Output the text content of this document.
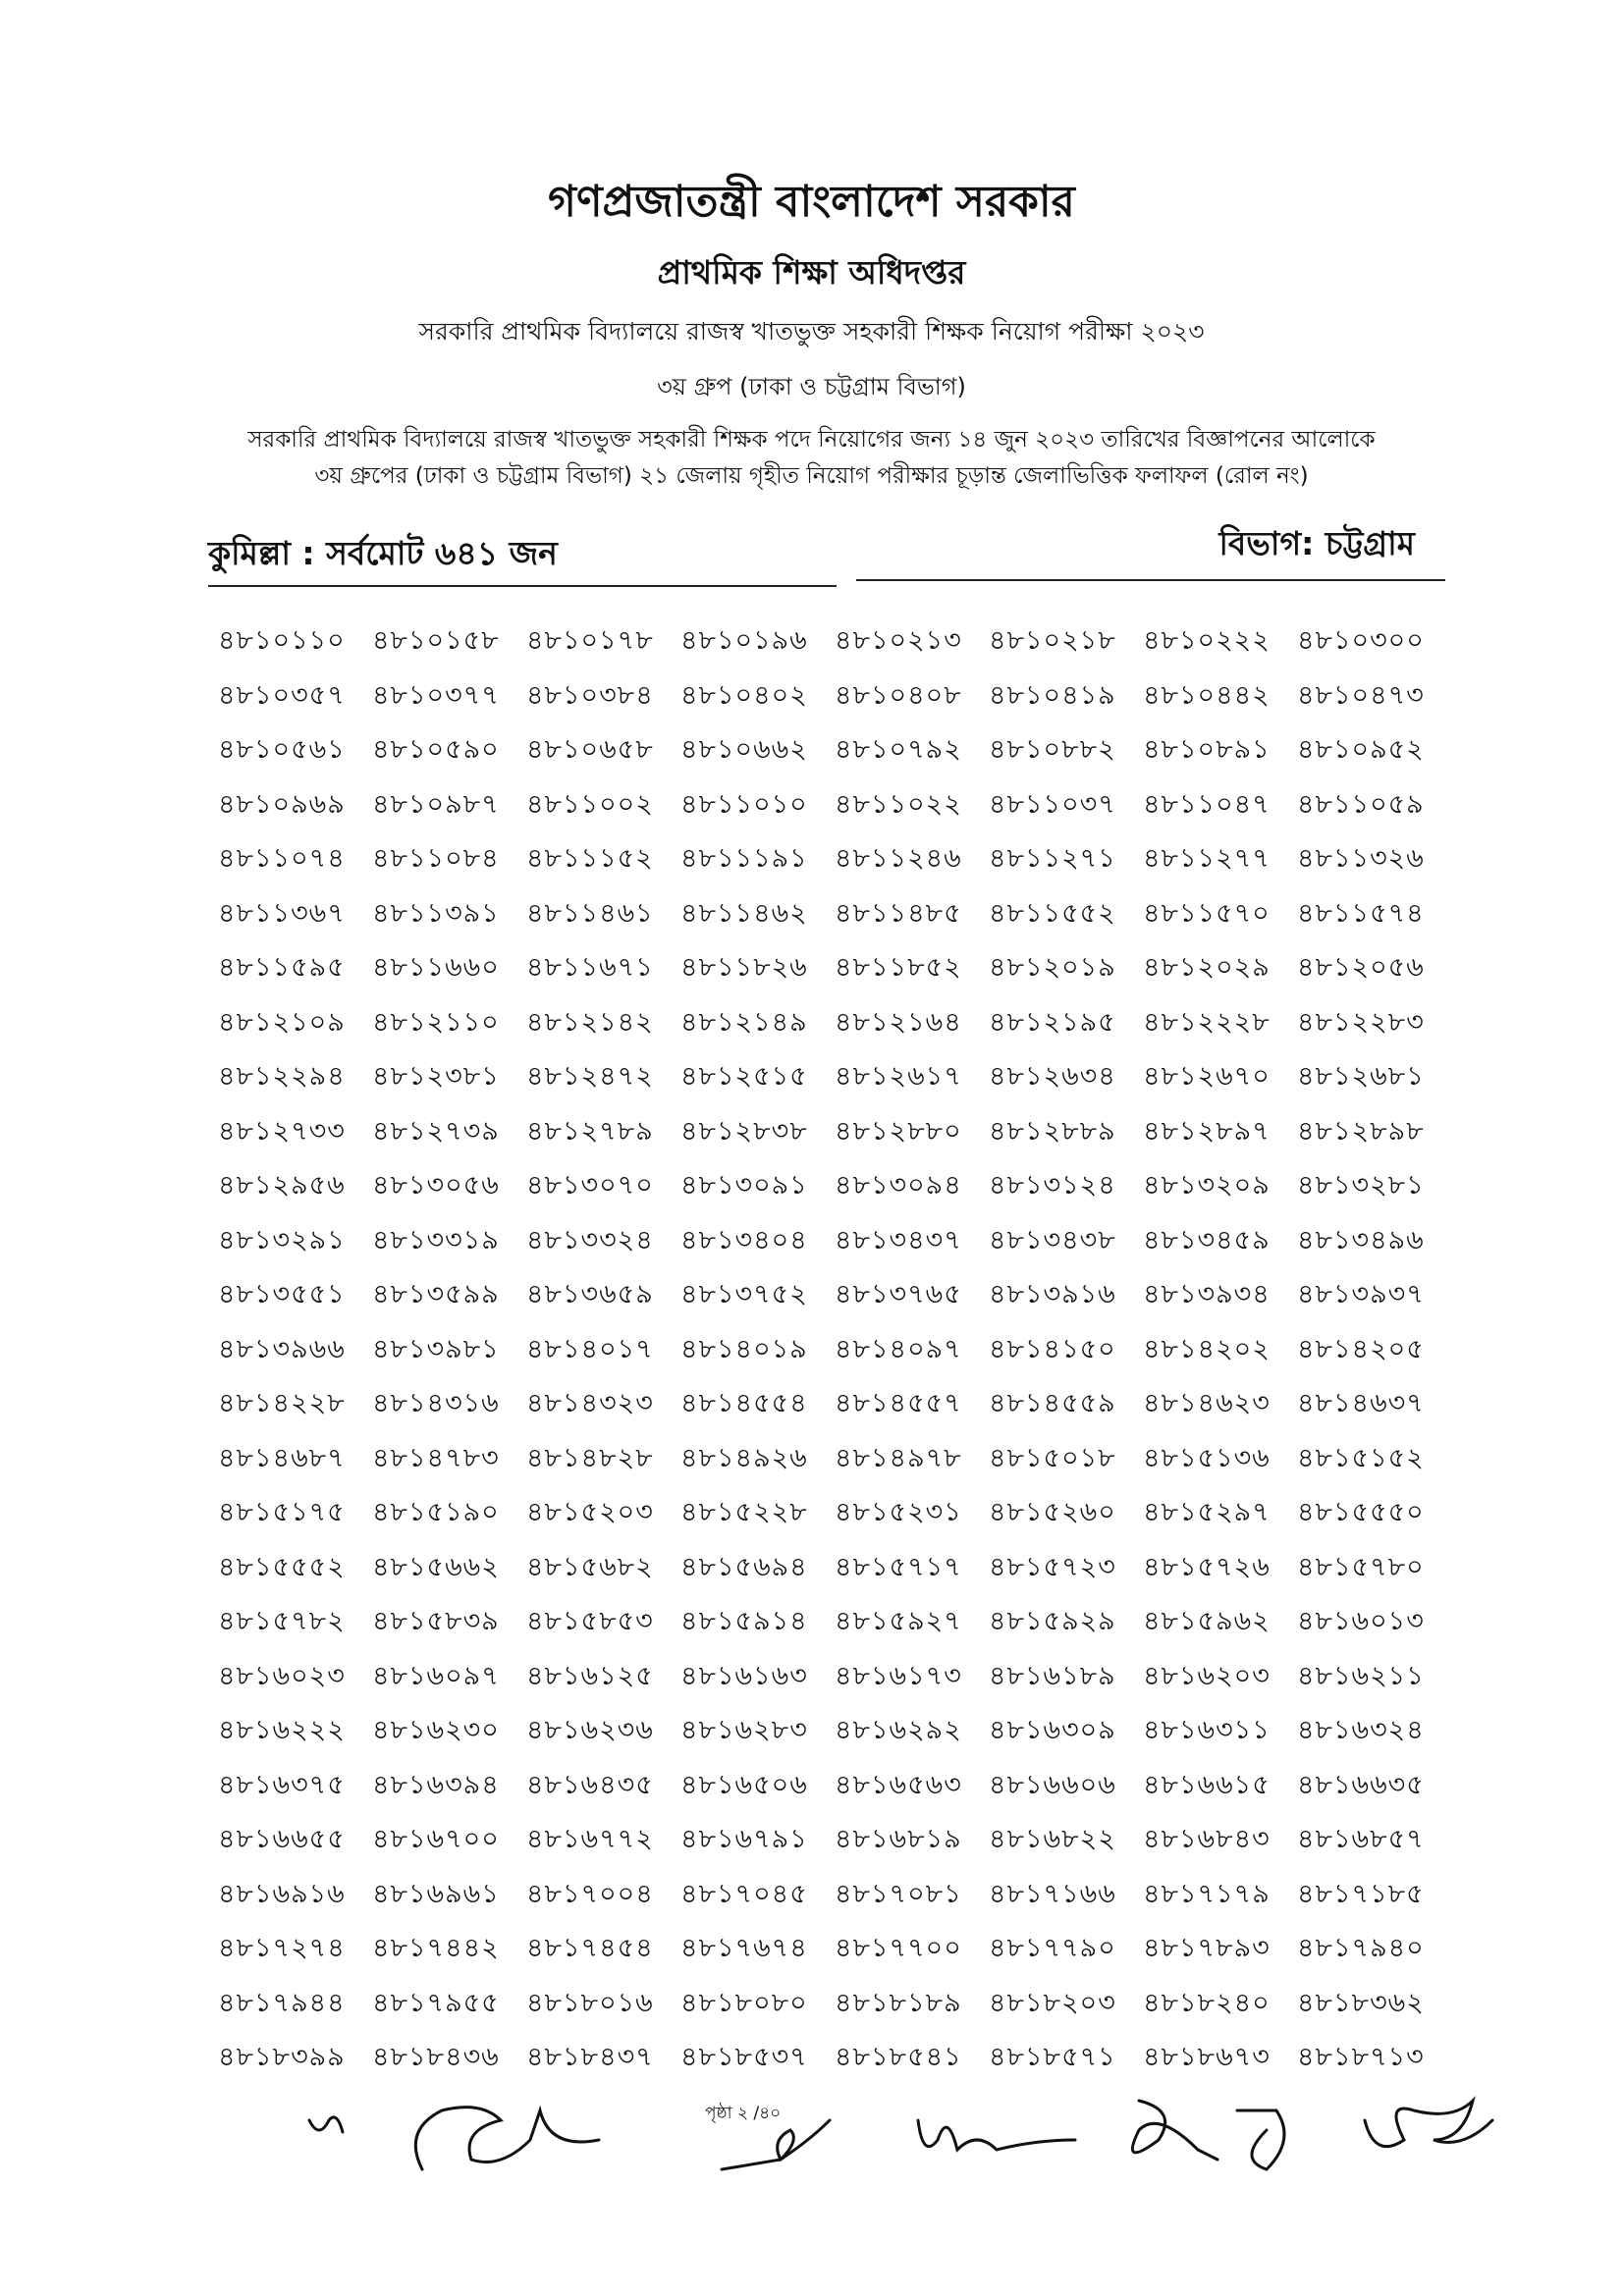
গণপ্রজাতন্ত্রী বাংলাদেশ সরকার
প্রাথমিক শিক্ষা অধিদপ্তর
সরকারি প্রাথমিক বিদ্যালয়ে রাজস্ব খাতভুক্ত সহকারী শিক্ষক নিয়োগ পরীক্ষা ২০২৩
৩য় গ্রুপ (ঢাকা ও চট্টগ্রাম বিভাগ)
সরকারি প্রাথমিক বিদ্যালয়ে রাজস্ব খাতভুক্ত সহকারী শিক্ষক পদে নিয়োগের জন্য ১৪ জুন ২০২৩ তারিখের বিজ্ঞাপনের আলোকে
৩য় গ্রুপের (ঢাকা ও চট্টগ্রাম বিভাগ) ২১ জেলায় গৃহীত নিয়োগ পরীক্ষার চূড়ান্ত জেলাভিত্তিক ফলাফল (রোল নং)
কুমিল্লা : সর্বমোট ৬৪১ জন	বিভাগ: চট্টগ্রাম
৪৮১০১১০	৪৮১০১৫৮	৪৮১০১৭৮	৪৮১০১৯৬	৪৮১০২১৩	৪৮১০২১৮	৪৮১০২২২	৪৮১০৩০০
৪৮১০৩৫৭	৪৮১০৩৭৭	৪৮১০৩৮৪	৪৮১০৪০২	৪৮১০৪০৮	৪৮১০৪১৯	৪৮১০৪৪২	৪৮১০৪৭৩
৪৮১০৫৬১	৪৮১০৫৯০	৪৮১০৬৫৮	৪৮১০৬৬২	৪৮১০৭৯২	৪৮১০৮৮২	৪৮১০৮৯১	৪৮১০৯৫২
৪৮১০৯৬৯	৪৮১০৯৮৭	৪৮১১০০২	৪৮১১০১০	৪৮১১০২২	৪৮১১০৩৭	৪৮১১০৪৭	৪৮১১০৫৯
৪৮১১০৭৪	৪৮১১০৮৪	৪৮১১১৫২	৪৮১১১৯১	৪৮১১২৪৬	৪৮১১২৭১	৪৮১১২৭৭	৪৮১১৩২৬
৪৮১১৩৬৭	৪৮১১৩৯১	৪৮১১৪৬১	৪৮১১৪৬২	৪৮১১৪৮৫	৪৮১১৫৫২	৪৮১১৫৭০	৪৮১১৫৭৪
৪৮১১৫৯৫	৪৮১১৬৬০	৪৮১১৬৭১	৪৮১১৮২৬	৪৮১১৮৫২	৪৮১২০১৯	৪৮১২০২৯	৪৮১২০৫৬
৪৮১২১০৯	৪৮১২১১০	৪৮১২১৪২	৪৮১২১৪৯	৪৮১২১৬৪	৪৮১২১৯৫	৪৮১২২২৮	৪৮১২২৮৩
৪৮১২২৯৪	৪৮১২৩৮১	৪৮১২৪৭২	৪৮১২৫১৫	৪৮১২৬১৭	৪৮১২৬৩৪	৪৮১২৬৭০	৪৮১২৬৮১
৪৮১২৭৩৩	৪৮১২৭৩৯	৪৮১২৭৮৯	৪৮১২৮৩৮	৪৮১২৮৮০	৪৮১২৮৮৯	৪৮১২৮৯৭	৪৮১২৮৯৮
৪৮১২৯৫৬	৪৮১৩০৫৬	৪৮১৩০৭০	৪৮১৩০৯১	৪৮১৩০৯৪	৪৮১৩১২৪	৪৮১৩২০৯	৪৮১৩২৮১
৪৮১৩২৯১	৪৮১৩৩১৯	৪৮১৩৩২৪	৪৮১৩৪০৪	৪৮১৩৪৩৭	৪৮১৩৪৩৮	৪৮১৩৪৫৯	৪৮১৩৪৯৬
৪৮১৩৫৫১	৪৮১৩৫৯৯	৪৮১৩৬৫৯	৪৮১৩৭৫২	৪৮১৩৭৬৫	৪৮১৩৯১৬	৪৮১৩৯৩৪	৪৮১৩৯৩৭
৪৮১৩৯৬৬	৪৮১৩৯৮১	৪৮১৪০১৭	৪৮১৪০১৯	৪৮১৪০৯৭	৪৮১৪১৫০	৪৮১৪২০২	৪৮১৪২০৫
৪৮১৪২২৮	৪৮১৪৩১৬	৪৮১৪৩২৩	৪৮১৪৫৫৪	৪৮১৪৫৫৭	৪৮১৪৫৫৯	৪৮১৪৬২৩	৪৮১৪৬৩৭
৪৮১৪৬৮৭	৪৮১৪৭৮৩	৪৮১৪৮২৮	৪৮১৪৯২৬	৪৮১৪৯৭৮	৪৮১৫০১৮	৪৮১৫১৩৬	৪৮১৫১৫২
৪৮১৫১৭৫	৪৮১৫১৯০	৪৮১৫২০৩	৪৮১৫২২৮	৪৮১৫২৩১	৪৮১৫২৬০	৪৮১৫২৯৭	৪৮১৫৫৫০
৪৮১৫৫৫২	৪৮১৫৬৬২	৪৮১৫৬৮২	৪৮১৫৬৯৪	৪৮১৫৭১৭	৪৮১৫৭২৩	৪৮১৫৭২৬	৪৮১৫৭৮০
৪৮১৫৭৮২	৪৮১৫৮৩৯	৪৮১৫৮৫৩	৪৮১৫৯১৪	৪৮১৫৯২৭	৪৮১৫৯২৯	৪৮১৫৯৬২	৪৮১৬০১৩
৪৮১৬০২৩	৪৮১৬০৯৭	৪৮১৬১২৫	৪৮১৬১৬৩	৪৮১৬১৭৩	৪৮১৬১৮৯	৪৮১৬২০৩	৪৮১৬২১১
৪৮১৬২২২	৪৮১৬২৩০	৪৮১৬২৩৬	৪৮১৬২৮৩	৪৮১৬২৯২	৪৮১৬৩০৯	৪৮১৬৩১১	৪৮১৬৩২৪
৪৮১৬৩৭৫	৪৮১৬৩৯৪	৪৮১৬৪৩৫	৪৮১৬৫০৬	৪৮১৬৫৬৩	৪৮১৬৬০৬	৪৮১৬৬১৫	৪৮১৬৬৩৫
৪৮১৬৬৫৫	৪৮১৬৭০০	৪৮১৬৭৭২	৪৮১৬৭৯১	৪৮১৬৮১৯	৪৮১৬৮২২	৪৮১৬৮৪৩	৪৮১৬৮৫৭
৪৮১৬৯১৬	৪৮১৬৯৬১	৪৮১৭০০৪	৪৮১৭০৪৫	৪৮১৭০৮১	৪৮১৭১৬৬	৪৮১৭১৭৯	৪৮১৭১৮৫
৪৮১৭২৭৪	৪৮১৭৪৪২	৪৮১৭৪৫৪	৪৮১৭৬৭৪	৪৮১৭৭০০	৪৮১৭৭৯০	৪৮১৭৮৯৩	৪৮১৭৯৪০
৪৮১৭৯৪৪	৪৮১৭৯৫৫	৪৮১৮০১৬	৪৮১৮০৮০	৪৮১৮১৮৯	৪৮১৮২০৩	৪৮১৮২৪০	৪৮১৮৩৬২
৪৮১৮৩৯৯	৪৮১৮৪৩৬	৪৮১৮৪৩৭	৪৮১৮৫৩৭	৪৮১৮৫৪১	৪৮১৮৫৭১	৪৮১৮৬৭৩	৪৮১৮৭১৩
পৃষ্ঠা ২ /৪০
